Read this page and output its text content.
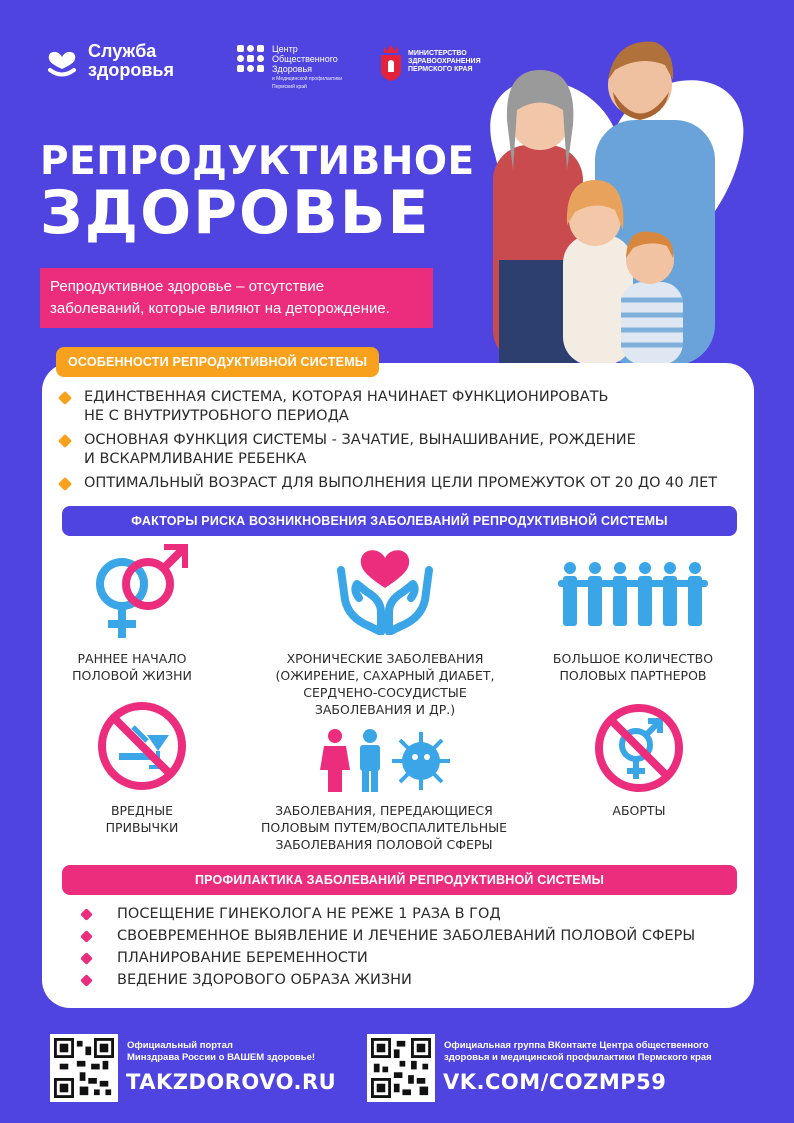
Служба
здоровья
Центр
Общественного
Здоровья
и Медицинской профилактики
Пермский край
МИНИСТЕРСТВО
ЗДРАВООХРАНЕНИЯ
ПЕРМСКОГО КРАЯ
РЕПРОДУКТИВНОЕ
ЗДОРОВЬЕ
Репродуктивное здоровье – отсутствие
заболеваний, которые влияют на деторождение.
ОСОБЕННОСТИ РЕПРОДУКТИВНОЙ СИСТЕМЫ
ЕДИНСТВЕННАЯ СИСТЕМА, КОТОРАЯ НАЧИНАЕТ ФУНКЦИОНИРОВАТЬ
НЕ С ВНУТРИУТРОБНОГО ПЕРИОДА
ОСНОВНАЯ ФУНКЦИЯ СИСТЕМЫ - ЗАЧАТИЕ, ВЫНАШИВАНИЕ, РОЖДЕНИЕ
И ВСКАРМЛИВАНИЕ РЕБЕНКА
ОПТИМАЛЬНЫЙ ВОЗРАСТ ДЛЯ ВЫПОЛНЕНИЯ ЦЕЛИ ПРОМЕЖУТОК ОТ 20 ДО 40 ЛЕТ
ФАКТОРЫ РИСКА ВОЗНИКНОВЕНИЯ ЗАБОЛЕВАНИЙ РЕПРОДУКТИВНОЙ СИСТЕМЫ
РАННЕЕ НАЧАЛО
ПОЛОВОЙ ЖИЗНИ
ХРОНИЧЕСКИЕ ЗАБОЛЕВАНИЯ
(ОЖИРЕНИЕ, САХАРНЫЙ ДИАБЕТ,
СЕРДЧЕНО-СОСУДИСТЫЕ
ЗАБОЛЕВАНИЯ И ДР.)
БОЛЬШОЕ КОЛИЧЕСТВО
ПОЛОВЫХ ПАРТНЕРОВ
ВРЕДНЫЕ
ПРИВЫЧКИ
ЗАБОЛЕВАНИЯ, ПЕРЕДАЮЩИЕСЯ
ПОЛОВЫМ ПУТЕМ/ВОСПАЛИТЕЛЬНЫЕ
ЗАБОЛЕВАНИЯ ПОЛОВОЙ СФЕРЫ
АБОРТЫ
ПРОФИЛАКТИКА ЗАБОЛЕВАНИЙ РЕПРОДУКТИВНОЙ СИСТЕМЫ
ПОСЕЩЕНИЕ ГИНЕКОЛОГА НЕ РЕЖЕ 1 РАЗА В ГОД
СВОЕВРЕМЕННОЕ ВЫЯВЛЕНИЕ И ЛЕЧЕНИЕ ЗАБОЛЕВАНИЙ ПОЛОВОЙ СФЕРЫ
ПЛАНИРОВАНИЕ БЕРЕМЕННОСТИ
ВЕДЕНИЕ ЗДОРОВОГО ОБРАЗА ЖИЗНИ
Официальный портал
Минздрава России о ВАШЕМ здоровье!
TAKZDOROVO.RU
Официальная группа ВКонтакте Центра общественного
здоровья и медицинской профилактики Пермского края
VK.COM/COZMP59
